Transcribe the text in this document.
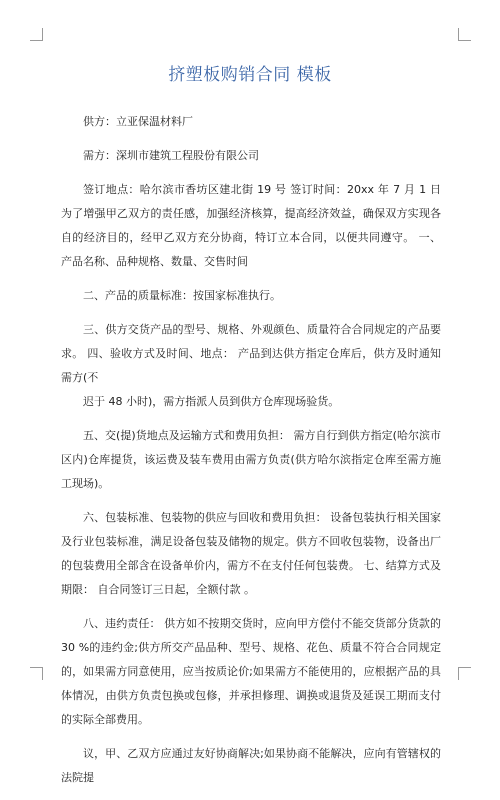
挤塑板购销合同 模板

供方：立亚保温材料厂

需方：深圳市建筑工程股份有限公司

签订地点：哈尔滨市香坊区建北街 19 号 签订时间：20xx 年 7 月 1 日 为了增强甲乙双方的责任感，加强经济核算，提高经济效益，确保双方实现各自的经济目的，经甲乙双方充分协商，特订立本合同，以便共同遵守。 一、 产品名称、品种规格、数量、交售时间

二、产品的质量标准：按国家标准执行。

三、供方交货产品的型号、规格、外观颜色、质量符合合同规定的产品要求。 四、验收方式及时间、地点： 产品到达供方指定仓库后，供方及时通知需方(不

迟于 48 小时)，需方指派人员到供方仓库现场验货。

五、交(提)货地点及运输方式和费用负担： 需方自行到供方指定(哈尔滨市区内)仓库提货，该运费及装车费用由需方负责(供方哈尔滨指定仓库至需方施工现场)。

六、包装标准、包装物的供应与回收和费用负担： 设备包装执行相关国家及行业包装标准，满足设备包装及储物的规定。供方不回收包装物，设备出厂的包装费用全部含在设备单价内，需方不在支付任何包装费。 七、结算方式及期限： 自合同签订三日起，全额付款 。

八、违约责任： 供方如不按期交货时，应向甲方偿付不能交货部分货款的 30 %的违约金;供方所交产品品种、型号、规格、花色、质量不符合合同规定的，如果需方同意使用，应当按质论价;如果需方不能使用的，应根据产品的具体情况，由供方负责包换或包修，并承担修理、调换或退货及延误工期而支付的实际全部费用。

议，甲、乙双方应通过友好协商解决;如果协商不能解决，应向有管辖权的法院提
